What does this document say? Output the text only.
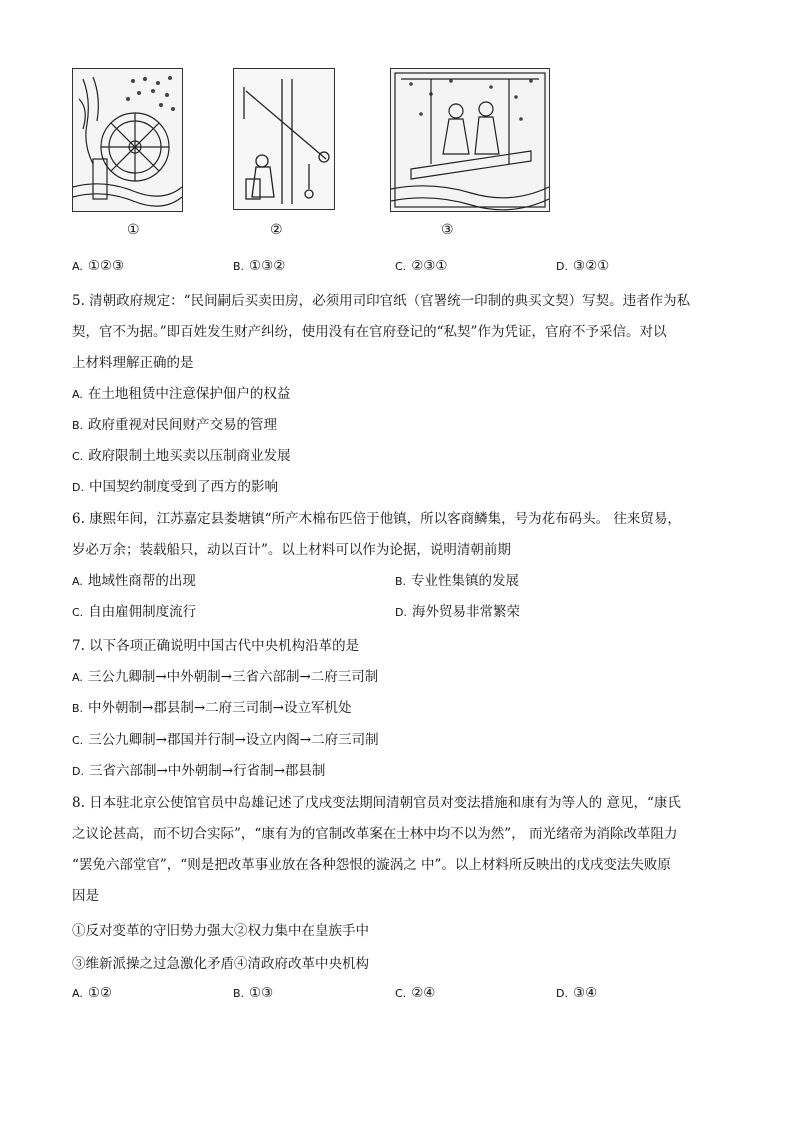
①	②	③
A. ①②③	B. ①③②	C. ②③①	D. ③②①
5. 清朝政府规定：“民间嗣后买卖田房，必须用司印官纸（官署统一印制的典买文契）写契。违者作为私
契，官不为据。”即百姓发生财产纠纷，使用没有在官府登记的“私契”作为凭证，官府不予采信。对以
上材料理解正确的是
A. 在土地租赁中注意保护佃户的权益
B. 政府重视对民间财产交易的管理
C. 政府限制土地买卖以压制商业发展
D. 中国契约制度受到了西方的影响
6. 康熙年间，江苏嘉定县娄塘镇“所产木棉布匹倍于他镇，所以客商鳞集，号为花布码头。 往来贸易，
岁必万余；装载船只，动以百计”。以上材料可以作为论据，说明清朝前期
A. 地域性商帮的出现	B. 专业性集镇的发展
C. 自由雇佣制度流行	D. 海外贸易非常繁荣
7. 以下各项正确说明中国古代中央机构沿革的是
A. 三公九卿制→中外朝制→三省六部制→二府三司制
B. 中外朝制→郡县制→二府三司制→设立军机处
C. 三公九卿制→郡国并行制→设立内阁→二府三司制
D. 三省六部制→中外朝制→行省制→郡县制
8. 日本驻北京公使馆官员中岛雄记述了戊戌变法期间清朝官员对变法措施和康有为等人的 意见，“康氏
之议论甚高，而不切合实际”，“康有为的官制改革案在士林中均不以为然”， 而光绪帝为消除改革阻力
“罢免六部堂官”，“则是把改革事业放在各种怨恨的漩涡之 中”。以上材料所反映出的戊戌变法失败原
因是
①反对变革的守旧势力强大②权力集中在皇族手中
③维新派操之过急激化矛盾④清政府改革中央机构
A. ①②	B. ①③	C. ②④	D. ③④
